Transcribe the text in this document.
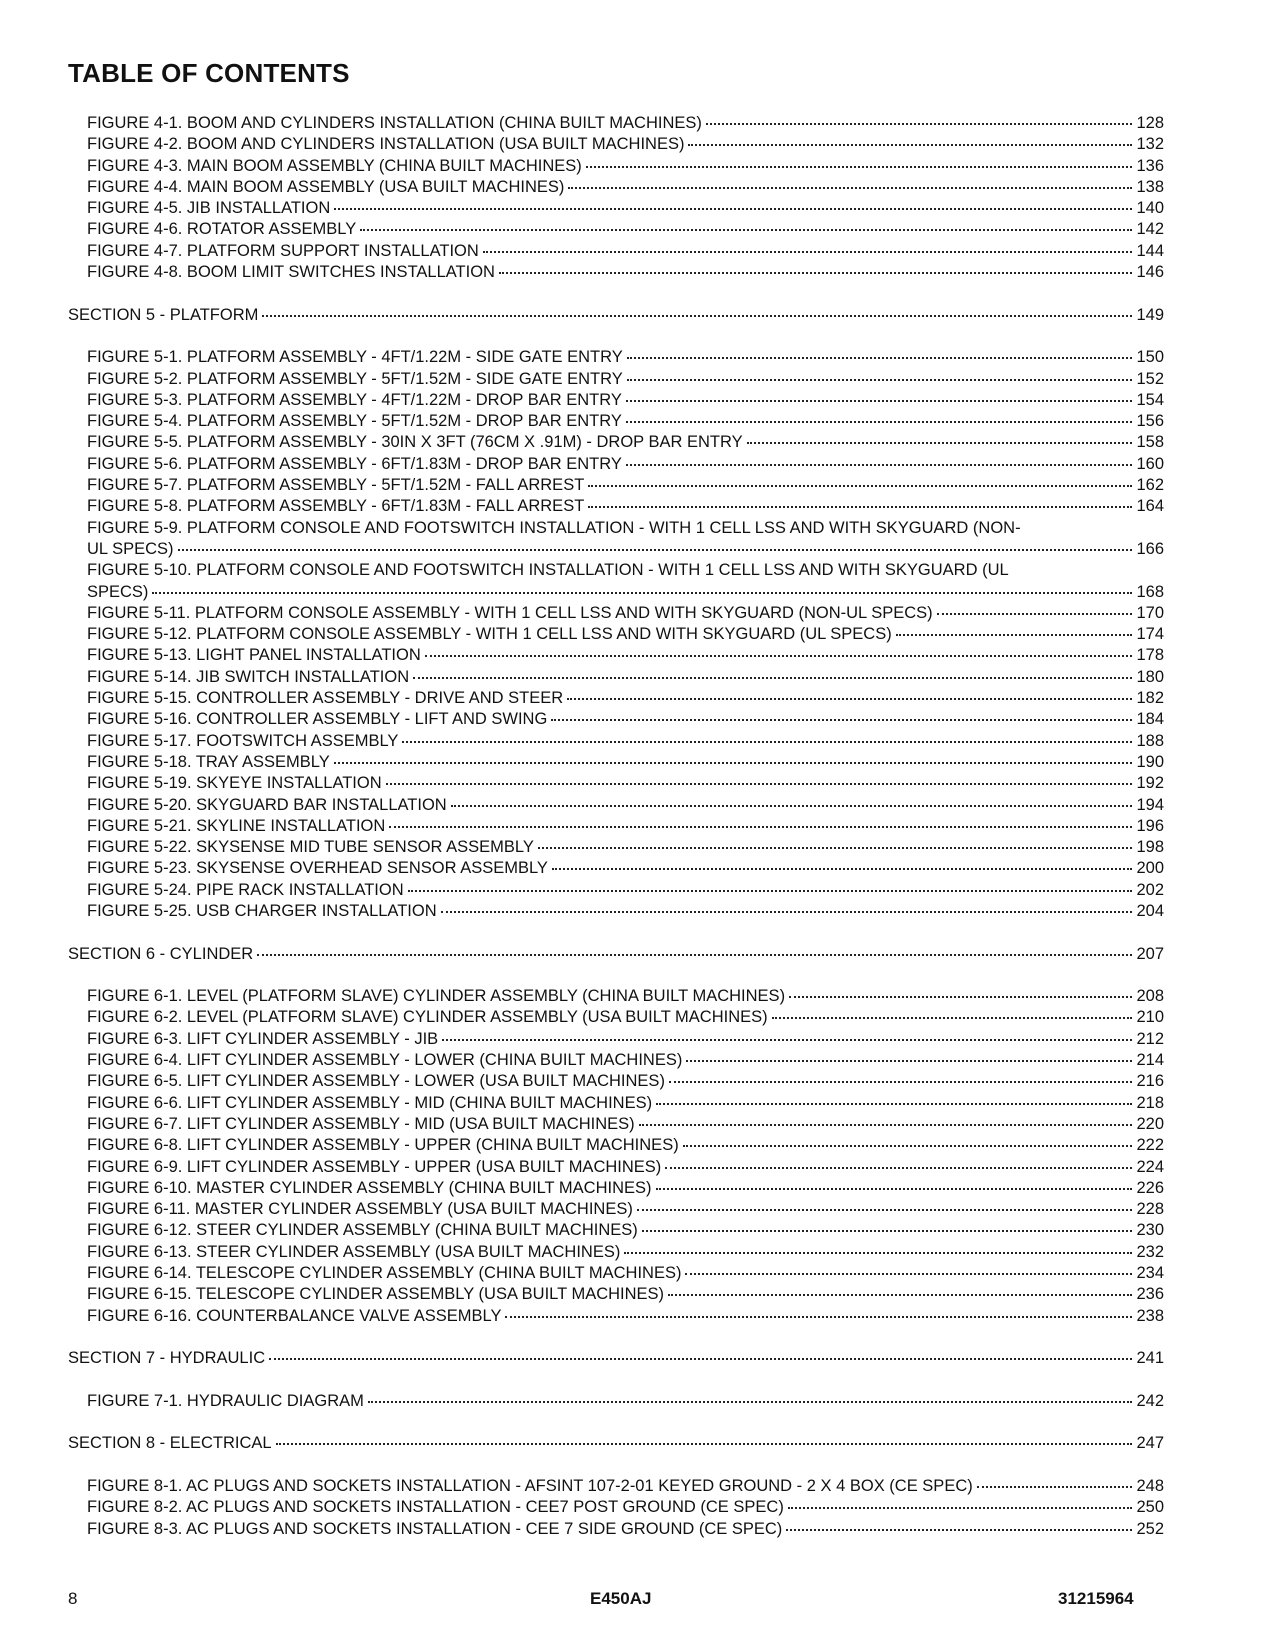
TABLE OF CONTENTS
FIGURE 4-1. BOOM AND CYLINDERS INSTALLATION (CHINA BUILT MACHINES)	128
FIGURE 4-2. BOOM AND CYLINDERS INSTALLATION (USA BUILT MACHINES)	132
FIGURE 4-3. MAIN BOOM ASSEMBLY (CHINA BUILT MACHINES)	136
FIGURE 4-4. MAIN BOOM ASSEMBLY (USA BUILT MACHINES)	138
FIGURE 4-5. JIB INSTALLATION	140
FIGURE 4-6. ROTATOR ASSEMBLY	142
FIGURE 4-7. PLATFORM SUPPORT INSTALLATION	144
FIGURE 4-8. BOOM LIMIT SWITCHES INSTALLATION	146
SECTION 5 - PLATFORM	149
FIGURE 5-1. PLATFORM ASSEMBLY - 4FT/1.22M - SIDE GATE ENTRY	150
FIGURE 5-2. PLATFORM ASSEMBLY - 5FT/1.52M - SIDE GATE ENTRY	152
FIGURE 5-3. PLATFORM ASSEMBLY - 4FT/1.22M - DROP BAR ENTRY	154
FIGURE 5-4. PLATFORM ASSEMBLY - 5FT/1.52M - DROP BAR ENTRY	156
FIGURE 5-5. PLATFORM ASSEMBLY - 30IN X 3FT (76CM X .91M) - DROP BAR ENTRY	158
FIGURE 5-6. PLATFORM ASSEMBLY - 6FT/1.83M - DROP BAR ENTRY	160
FIGURE 5-7. PLATFORM ASSEMBLY - 5FT/1.52M - FALL ARREST	162
FIGURE 5-8. PLATFORM ASSEMBLY - 6FT/1.83M - FALL ARREST	164
FIGURE 5-9. PLATFORM CONSOLE AND FOOTSWITCH INSTALLATION - WITH 1 CELL LSS AND WITH SKYGUARD (NON-
UL SPECS)	166
FIGURE 5-10. PLATFORM CONSOLE AND FOOTSWITCH INSTALLATION - WITH 1 CELL LSS AND WITH SKYGUARD (UL
SPECS)	168
FIGURE 5-11. PLATFORM CONSOLE ASSEMBLY - WITH 1 CELL LSS AND WITH SKYGUARD (NON-UL SPECS)	170
FIGURE 5-12. PLATFORM CONSOLE ASSEMBLY - WITH 1 CELL LSS AND WITH SKYGUARD (UL SPECS)	174
FIGURE 5-13. LIGHT PANEL INSTALLATION	178
FIGURE 5-14. JIB SWITCH INSTALLATION	180
FIGURE 5-15. CONTROLLER ASSEMBLY - DRIVE AND STEER	182
FIGURE 5-16. CONTROLLER ASSEMBLY - LIFT AND SWING	184
FIGURE 5-17. FOOTSWITCH ASSEMBLY	188
FIGURE 5-18. TRAY ASSEMBLY	190
FIGURE 5-19. SKYEYE INSTALLATION	192
FIGURE 5-20. SKYGUARD BAR INSTALLATION	194
FIGURE 5-21. SKYLINE INSTALLATION	196
FIGURE 5-22. SKYSENSE MID TUBE SENSOR ASSEMBLY	198
FIGURE 5-23. SKYSENSE OVERHEAD SENSOR ASSEMBLY	200
FIGURE 5-24. PIPE RACK INSTALLATION	202
FIGURE 5-25. USB CHARGER INSTALLATION	204
SECTION 6 - CYLINDER	207
FIGURE 6-1. LEVEL (PLATFORM SLAVE) CYLINDER ASSEMBLY (CHINA BUILT MACHINES)	208
FIGURE 6-2. LEVEL (PLATFORM SLAVE) CYLINDER ASSEMBLY (USA BUILT MACHINES)	210
FIGURE 6-3. LIFT CYLINDER ASSEMBLY - JIB	212
FIGURE 6-4. LIFT CYLINDER ASSEMBLY - LOWER (CHINA BUILT MACHINES)	214
FIGURE 6-5. LIFT CYLINDER ASSEMBLY - LOWER (USA BUILT MACHINES)	216
FIGURE 6-6. LIFT CYLINDER ASSEMBLY - MID (CHINA BUILT MACHINES)	218
FIGURE 6-7. LIFT CYLINDER ASSEMBLY - MID (USA BUILT MACHINES)	220
FIGURE 6-8. LIFT CYLINDER ASSEMBLY - UPPER (CHINA BUILT MACHINES)	222
FIGURE 6-9. LIFT CYLINDER ASSEMBLY - UPPER (USA BUILT MACHINES)	224
FIGURE 6-10. MASTER CYLINDER ASSEMBLY (CHINA BUILT MACHINES)	226
FIGURE 6-11. MASTER CYLINDER ASSEMBLY (USA BUILT MACHINES)	228
FIGURE 6-12. STEER CYLINDER ASSEMBLY (CHINA BUILT MACHINES)	230
FIGURE 6-13. STEER CYLINDER ASSEMBLY (USA BUILT MACHINES)	232
FIGURE 6-14. TELESCOPE CYLINDER ASSEMBLY (CHINA BUILT MACHINES)	234
FIGURE 6-15. TELESCOPE CYLINDER ASSEMBLY (USA BUILT MACHINES)	236
FIGURE 6-16. COUNTERBALANCE VALVE ASSEMBLY	238
SECTION 7 - HYDRAULIC	241
FIGURE 7-1. HYDRAULIC DIAGRAM	242
SECTION 8 - ELECTRICAL	247
FIGURE 8-1. AC PLUGS AND SOCKETS INSTALLATION - AFSINT 107-2-01 KEYED GROUND - 2 X 4 BOX (CE SPEC)	248
FIGURE 8-2. AC PLUGS AND SOCKETS INSTALLATION - CEE7 POST GROUND (CE SPEC)	250
FIGURE 8-3. AC PLUGS AND SOCKETS INSTALLATION - CEE 7 SIDE GROUND (CE SPEC)	252
8	E450AJ	31215964
